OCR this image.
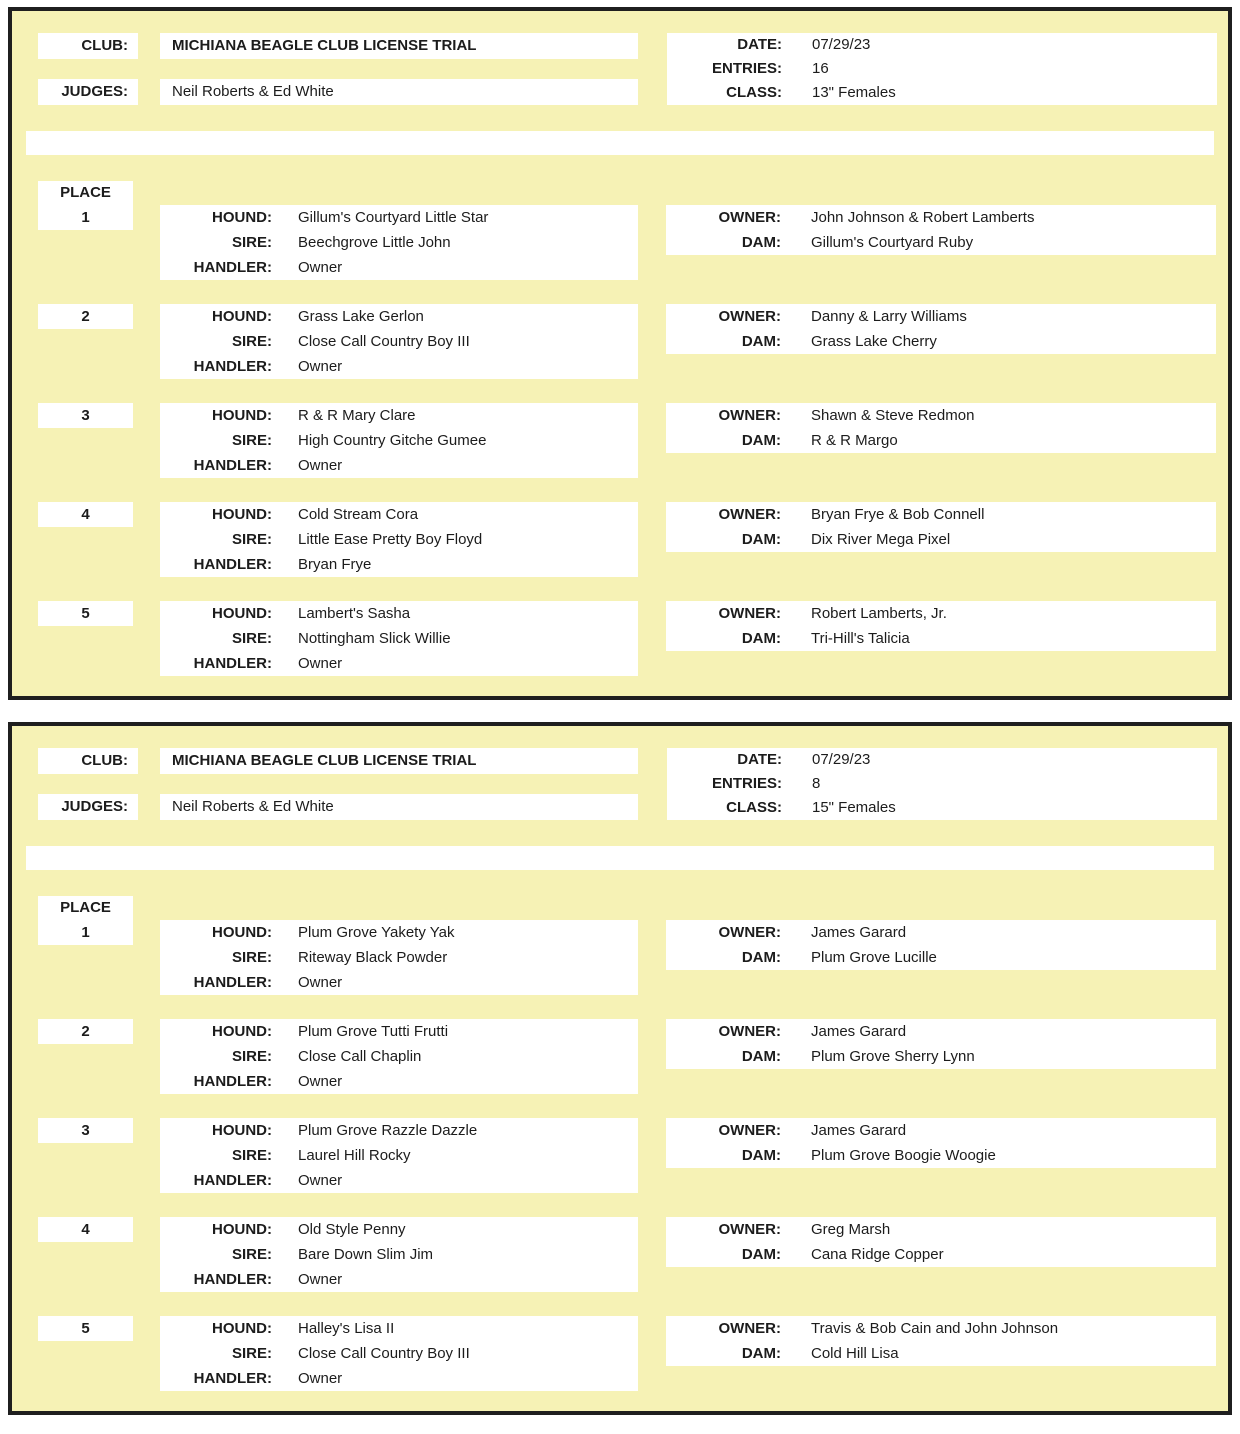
CLUB:	MICHIANA BEAGLE CLUB LICENSE TRIAL
JUDGES:	Neil Roberts & Ed White
DATE:	07/29/23
ENTRIES:	16
CLASS:	13" Females
PLACE
1	HOUND:	Gillum's Courtyard Little Star
SIRE:	Beechgrove Little John
HANDLER:	Owner
OWNER:	John Johnson & Robert Lamberts
DAM:	Gillum's Courtyard Ruby
2	HOUND:	Grass Lake Gerlon
SIRE:	Close Call Country Boy III
HANDLER:	Owner
OWNER:	Danny & Larry Williams
DAM:	Grass Lake Cherry
3	HOUND:	R & R Mary Clare
SIRE:	High Country Gitche Gumee
HANDLER:	Owner
OWNER:	Shawn & Steve Redmon
DAM:	R & R Margo
4	HOUND:	Cold Stream Cora
SIRE:	Little Ease Pretty Boy Floyd
HANDLER:	Bryan Frye
OWNER:	Bryan Frye & Bob Connell
DAM:	Dix River Mega Pixel
5	HOUND:	Lambert's Sasha
SIRE:	Nottingham Slick Willie
HANDLER:	Owner
OWNER:	Robert Lamberts, Jr.
DAM:	Tri-Hill's Talicia
CLUB:	MICHIANA BEAGLE CLUB LICENSE TRIAL
JUDGES:	Neil Roberts & Ed White
DATE:	07/29/23
ENTRIES:	8
CLASS:	15" Females
PLACE
1	HOUND:	Plum Grove Yakety Yak
SIRE:	Riteway Black Powder
HANDLER:	Owner
OWNER:	James Garard
DAM:	Plum Grove Lucille
2	HOUND:	Plum Grove Tutti Frutti
SIRE:	Close Call Chaplin
HANDLER:	Owner
OWNER:	James Garard
DAM:	Plum Grove Sherry Lynn
3	HOUND:	Plum Grove Razzle Dazzle
SIRE:	Laurel Hill Rocky
HANDLER:	Owner
OWNER:	James Garard
DAM:	Plum Grove Boogie Woogie
4	HOUND:	Old Style Penny
SIRE:	Bare Down Slim Jim
HANDLER:	Owner
OWNER:	Greg Marsh
DAM:	Cana Ridge Copper
5	HOUND:	Halley's Lisa II
SIRE:	Close Call Country Boy III
HANDLER:	Owner
OWNER:	Travis & Bob Cain and John Johnson
DAM:	Cold Hill Lisa
